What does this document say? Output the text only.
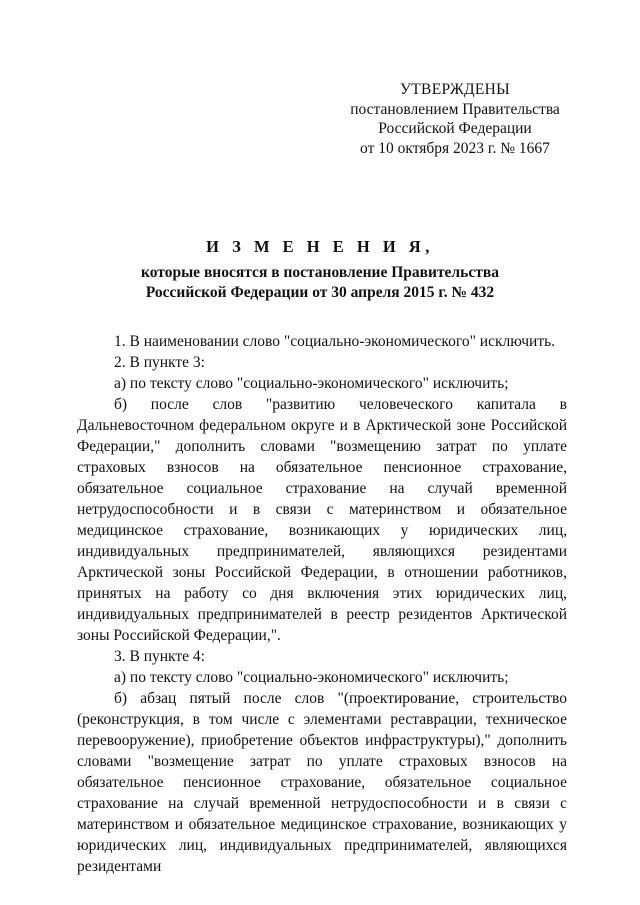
УТВЕРЖДЕНЫ
постановлением Правительства
Российской Федерации
от 10 октября 2023 г. № 1667
И З М Е Н Е Н И Я,
которые вносятся в постановление Правительства
Российской Федерации от 30 апреля 2015 г. № 432

1. В наименовании слово "социально-экономического" исключить.

2. В пункте 3:

а) по тексту слово "социально-экономического" исключить;

б) после слов "развитию человеческого капитала в Дальневосточном федеральном округе и в Арктической зоне Российской Федерации," дополнить словами "возмещению затрат по уплате страховых взносов на обязательное пенсионное страхование, обязательное социальное страхование на случай временной нетрудоспособности и в связи с материнством и обязательное медицинское страхование, возникающих у юридических лиц, индивидуальных предпринимателей, являющихся резидентами Арктической зоны Российской Федерации, в отношении работников, принятых на работу со дня включения этих юридических лиц, индивидуальных предпринимателей в реестр резидентов Арктической зоны Российской Федерации,".

3. В пункте 4:

а) по тексту слово "социально-экономического" исключить;

б) абзац пятый после слов "(проектирование, строительство (реконструкция, в том числе с элементами реставрации, техническое перевооружение), приобретение объектов инфраструктуры)," дополнить словами "возмещение затрат по уплате страховых взносов на обязательное пенсионное страхование, обязательное социальное страхование на случай временной нетрудоспособности и в связи с материнством и обязательное медицинское страхование, возникающих у юридических лиц, индивидуальных предпринимателей, являющихся резидентами
